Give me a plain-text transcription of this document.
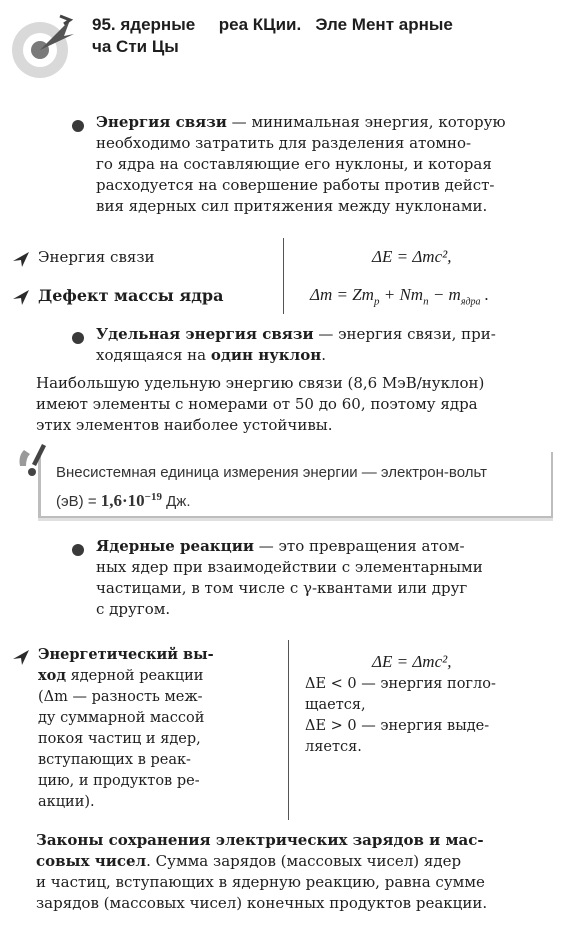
95. ядерные     реа КЦии.   Эле Мент арные
ча Сти Цы
Энергия связи — минимальная энергия, которую
необходимо затратить для разделения атомно-
го ядра на составляющие его нуклоны, и которая
расходуется на совершение работы против дейст-
вия ядерных сил притяжения между нуклонами.
Энергия связи	ΔE = Δmc²,
Дефект массы ядра	$\Delta m = Zm_p + Nm_n - m_{ядра}$ .
Удельная энергия связи — энергия связи, при-
ходящаяся на один нуклон.
Наибольшую удельную энергию связи (8,6 МэВ/нуклон)
имеют элементы с номерами от 50 до 60, поэтому ядра
этих элементов наиболее устойчивы.
Внесистемная единица измерения энергии — электрон-вольт
$(эВ) = 1,6\cdot 10^{-19}$ Дж.
Ядерные реакции — это превращения атом-
ных ядер при взаимодействии с элементарными
частицами, в том числе с γ-квантами или друг
с другом.
Энергетический вы-
ход ядерной реакции
(Δm — разность меж-
ду суммарной массой
покоя частиц и ядер,
вступающих в реак-
цию, и продуктов ре-
акции).
ΔE = Δmc²,
ΔE < 0 — энергия погло-
щается,
ΔE > 0 — энергия выде-
ляется.
Законы сохранения электрических зарядов и мас-
совых чисел. Сумма зарядов (массовых чисел) ядер
и частиц, вступающих в ядерную реакцию, равна сумме
зарядов (массовых чисел) конечных продуктов реакции.
